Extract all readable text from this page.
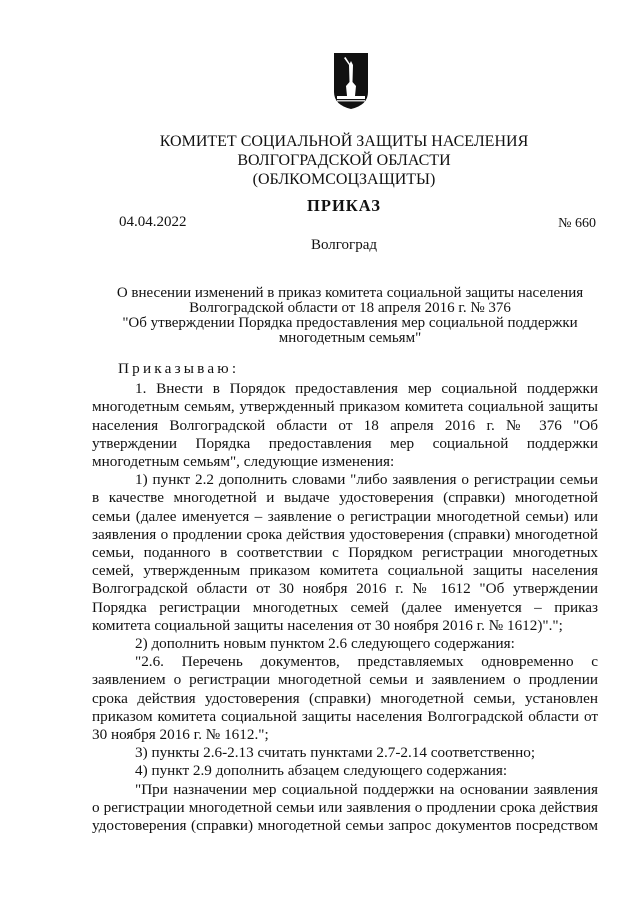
КОМИТЕТ СОЦИАЛЬНОЙ ЗАЩИТЫ НАСЕЛЕНИЯ
ВОЛГОГРАДСКОЙ ОБЛАСТИ
(ОБЛКОМСОЦЗАЩИТЫ)
ПРИКАЗ
04.04.2022	№ 660
Волгоград
О внесении изменений в приказ комитета социальной защиты населения
Волгоградской области от 18 апреля 2016 г. № 376
"Об утверждении Порядка предоставления мер социальной поддержки
многодетным семьям"

Приказываю:

1. Внести в Порядок предоставления мер социальной поддержки многодетным семьям, утвержденный приказом комитета социальной защиты населения Волгоградской области от 18 апреля 2016 г. № 376 "Об утверждении Порядка предоставления мер социальной поддержки многодетным семьям", следующие изменения:

1) пункт 2.2 дополнить словами "либо заявления о регистрации семьи в качестве многодетной и выдаче удостоверения (справки) многодетной семьи (далее именуется – заявление о регистрации многодетной семьи) или заявления о продлении срока действия удостоверения (справки) многодетной семьи, поданного в соответствии с Порядком регистрации многодетных семей, утвержденным приказом комитета социальной защиты населения Волгоградской области от 30 ноября 2016 г. № 1612 "Об утверждении Порядка регистрации многодетных семей (далее именуется – приказ комитета социальной защиты населения от 30 ноября 2016 г. № 1612)".";

2) дополнить новым пунктом 2.6 следующего содержания:

"2.6. Перечень документов, представляемых одновременно с заявлением о регистрации многодетной семьи и заявлением о продлении срока действия удостоверения (справки) многодетной семьи, установлен приказом комитета социальной защиты населения Волгоградской области от 30 ноября 2016 г. № 1612.";

3) пункты 2.6-2.13 считать пунктами 2.7-2.14 соответственно;

4) пункт 2.9 дополнить абзацем следующего содержания:

"При назначении мер социальной поддержки на основании заявления о регистрации многодетной семьи или заявления о продлении срока действия удостоверения (справки) многодетной семьи запрос документов посредством
